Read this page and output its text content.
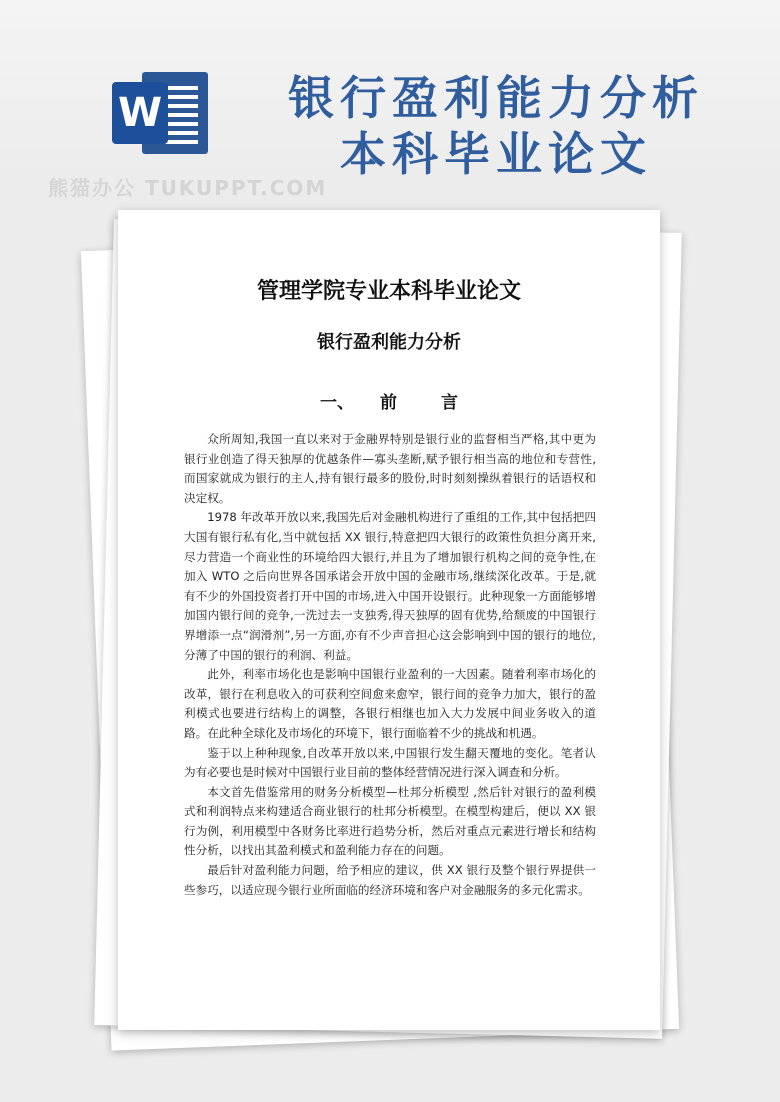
W	银行盈利能力分析
本科毕业论文
熊猫办公 TUKUPPT.COM
管理学院专业本科毕业论文
银行盈利能力分析
一、 前	言

众所周知,我国一直以来对于金融界特别是银行业的监督相当严格,其中更为银行业创造了得天独厚的优越条件—寡头垄断,赋予银行相当高的地位和专营性,而国家就成为银行的主人,持有银行最多的股份,时时刻刻操纵着银行的话语权和决定权。

1978 年改革开放以来,我国先后对金融机构进行了重组的工作,其中包括把四大国有银行私有化,当中就包括 XX 银行,特意把四大银行的政策性负担分离开来,尽力营造一个商业性的环境给四大银行,并且为了增加银行机构之间的竞争性,在加入 WTO 之后向世界各国承诺会开放中国的金融市场,继续深化改革。于是,就有不少的外国投资者打开中国的市场,进入中国开设银行。此种现象一方面能够增加国内银行间的竞争,一洗过去一支独秀,得天独厚的固有优势,给颓废的中国银行界增添一点“润滑剂”,另一方面,亦有不少声音担心这会影响到中国的银行的地位,分薄了中国的银行的利润、利益。

此外，利率市场化也是影响中国银行业盈利的一大因素。随着利率市场化的改革，银行在利息收入的可获利空间愈来愈窄，银行间的竞争力加大，银行的盈利模式也要进行结构上的调整，各银行相继也加入大力发展中间业务收入的道路。在此种全球化及市场化的环境下，银行面临着不少的挑战和机遇。

鉴于以上种种现象,自改革开放以来,中国银行发生翻天覆地的变化。笔者认为有必要也是时候对中国银行业目前的整体经营情况进行深入调查和分析。

本文首先借鉴常用的财务分析模型—杜邦分析模型 ,然后针对银行的盈利模式和利润特点来构建适合商业银行的杜邦分析模型。在模型构建后，便以 XX 银行为例，利用模型中各财务比率进行趋势分析，然后对重点元素进行增长和结构性分析，以找出其盈利模式和盈利能力存在的问题。

最后针对盈利能力问题，给予相应的建议，供 XX 银行及整个银行界提供一些参巧，以适应现今银行业所面临的经济环境和客户对金融服务的多元化需求。
